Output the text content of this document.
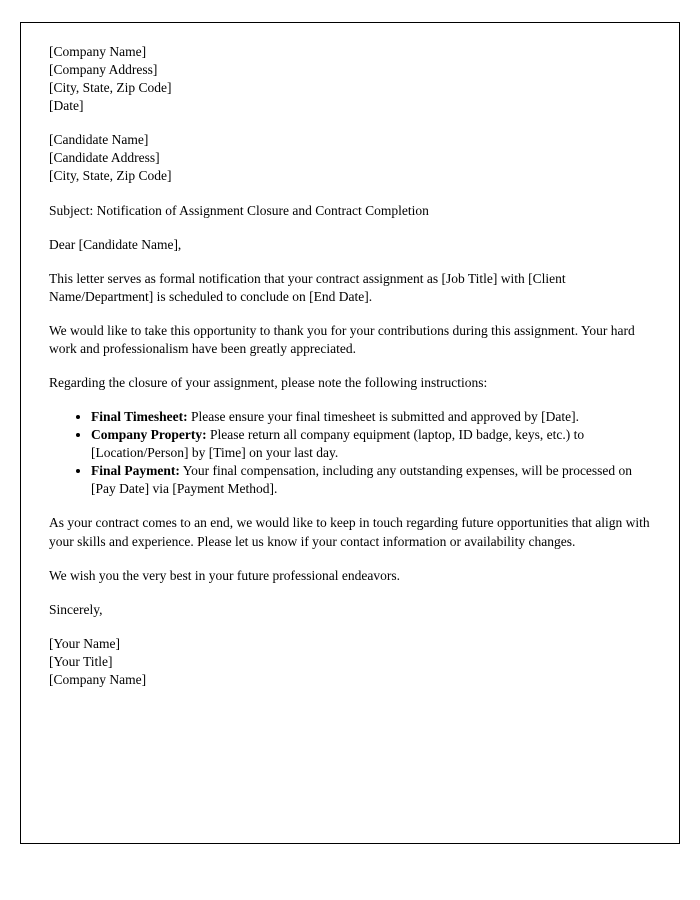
[Company Name]
[Company Address]
[City, State, Zip Code]
[Date]
[Candidate Name]
[Candidate Address]
[City, State, Zip Code]

Subject: Notification of Assignment Closure and Contract Completion

Dear [Candidate Name],

This letter serves as formal notification that your contract assignment as [Job Title] with [Client Name/Department] is scheduled to conclude on [End Date].

We would like to take this opportunity to thank you for your contributions during this assignment. Your hard work and professionalism have been greatly appreciated.

Regarding the closure of your assignment, please note the following instructions:

• Final Timesheet: Please ensure your final timesheet is submitted and approved by [Date].
• Company Property: Please return all company equipment (laptop, ID badge, keys, etc.) to [Location/Person] by [Time] on your last day.
• Final Payment: Your final compensation, including any outstanding expenses, will be processed on [Pay Date] via [Payment Method].

As your contract comes to an end, we would like to keep in touch regarding future opportunities that align with your skills and experience. Please let us know if your contact information or availability changes.

We wish you the very best in your future professional endeavors.

Sincerely,

[Your Name]
[Your Title]
[Company Name]
